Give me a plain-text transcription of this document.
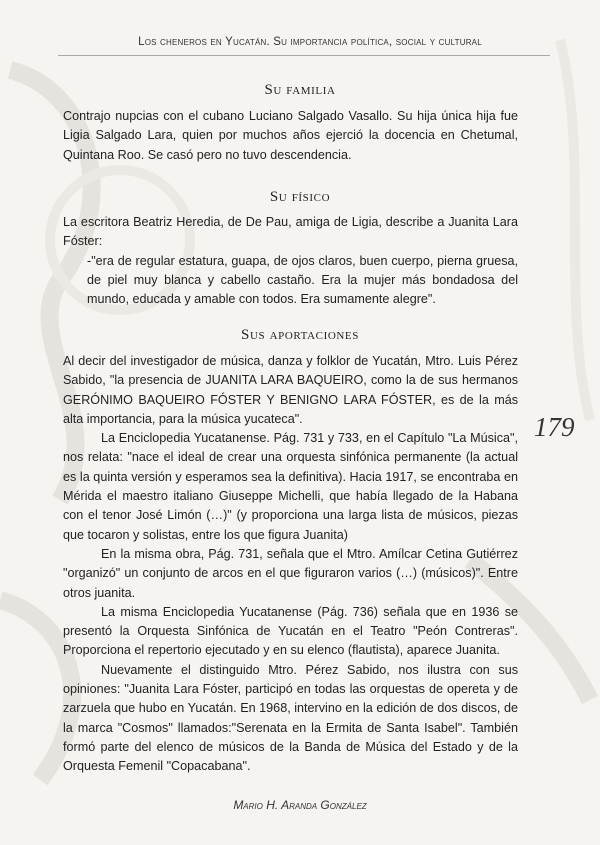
Los cheneros en Yucatán. Su importancia política, social y cultural
Su familia

Contrajo nupcias con el cubano Luciano Salgado Vasallo. Su hija única hija fue Ligia Salgado Lara, quien por muchos años ejerció la docencia en Chetumal, Quintana Roo. Se casó pero no tuvo descendencia.

Su físico

La escritora Beatriz Heredia, de De Pau, amiga de Ligia, describe a Juanita Lara Fóster:

-"era de regular estatura, guapa, de ojos claros, buen cuerpo, pierna gruesa, de piel muy blanca y cabello castaño. Era la mujer más bondadosa del mundo, educada y amable con todos. Era sumamente alegre".

Sus aportaciones

Al decir del investigador de música, danza y folklor de Yucatán, Mtro. Luis Pérez Sabido, "la presencia de JUANITA LARA BAQUEIRO, como la de sus hermanos GERÓNIMO BAQUEIRO FÓSTER Y BENIGNO LARA FÓSTER, es de la más alta importancia, para la música yucateca".

La Enciclopedia Yucatanense. Pág. 731 y 733, en el Capítulo "La Música", nos relata: "nace el ideal de crear una orquesta sinfónica permanente (la actual es la quinta versión y esperamos sea la definitiva). Hacia 1917, se encontraba en Mérida el maestro italiano Giuseppe Michelli, que había llegado de la Habana con el tenor José Limón (…)" (y proporciona una larga lista de músicos, piezas que tocaron y solistas, entre los que figura Juanita)

En la misma obra, Pág. 731, señala que el Mtro. Amílcar Cetina Gutiérrez "organizó" un conjunto de arcos en el que figuraron varios (…) (músicos)". Entre otros juanita.

La misma Enciclopedia Yucatanense (Pág. 736) señala que en 1936 se presentó la Orquesta Sinfónica de Yucatán en el Teatro "Peón Contreras". Proporciona el repertorio ejecutado y en su elenco (flautista), aparece Juanita.

Nuevamente el distinguido Mtro. Pérez Sabido, nos ilustra con sus opiniones: "Juanita Lara Fóster, participó en todas las orquestas de opereta y de zarzuela que hubo en Yucatán. En 1968, intervino en la edición de dos discos, de la marca "Cosmos" llamados:"Serenata en la Ermita de Santa Isabel". También formó parte del elenco de músicos de la Banda de Música del Estado y de la Orquesta Femenil "Copacabana".

179
Mario H. Aranda González
